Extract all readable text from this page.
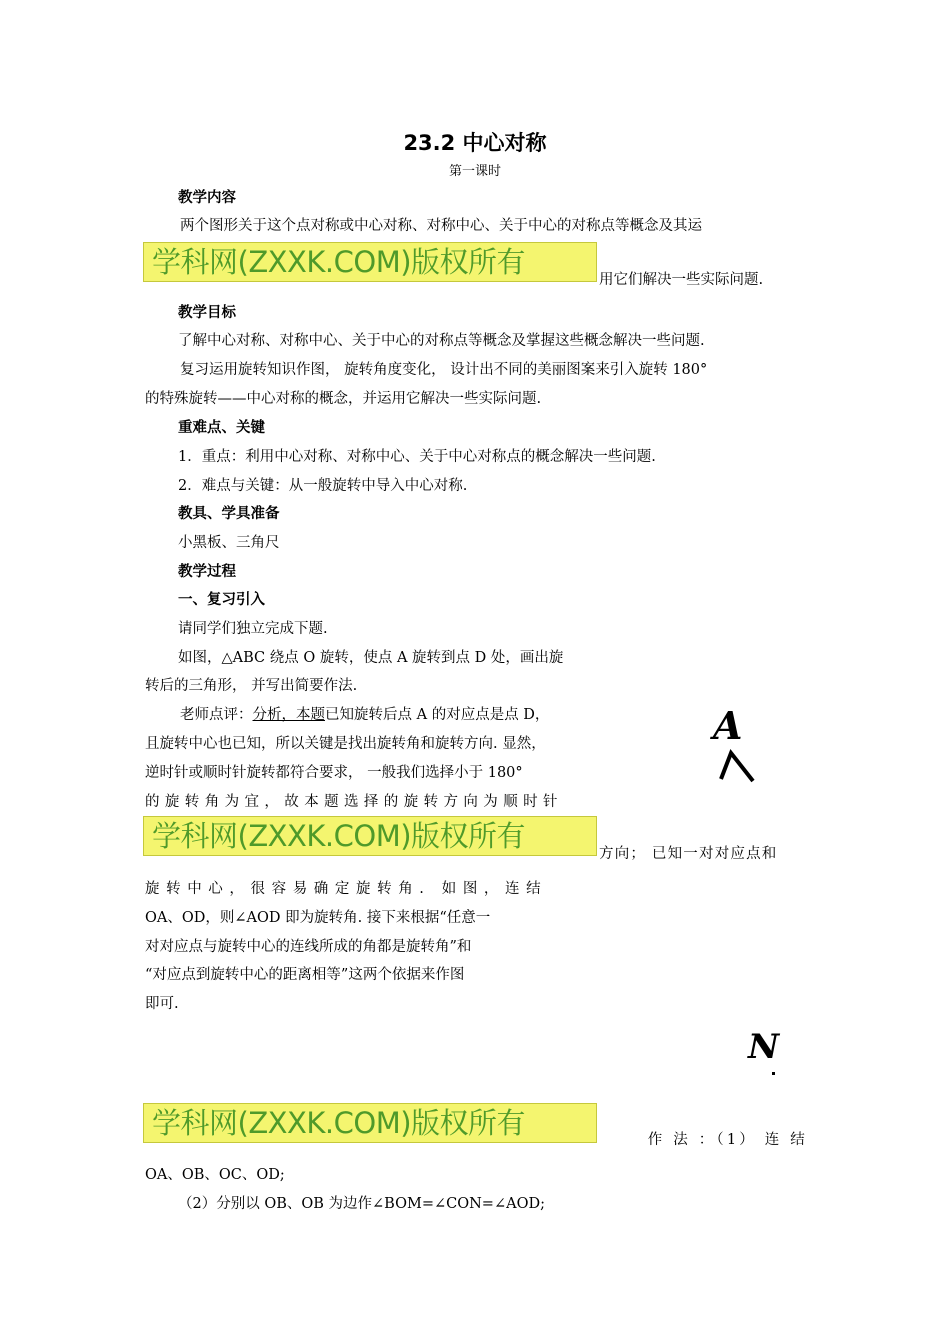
23.2 中心对称
第一课时
教学内容
两个图形关于这个点对称或中心对称、对称中心、关于中心的对称点等概念及其运
学科网(ZXXK.COM)版权所有
用它们解决一些实际问题.
教学目标
了解中心对称、对称中心、关于中心的对称点等概念及掌握这些概念解决一些问题.
复习运用旋转知识作图， 旋转角度变化， 设计出不同的美丽图案来引入旋转 180°
的特殊旋转——中心对称的概念，并运用它解决一些实际问题.
重难点、关键
1．重点：利用中心对称、对称中心、关于中心对称点的概念解决一些问题.
2．难点与关键：从一般旋转中导入中心对称.
教具、学具准备
小黑板、三角尺
教学过程
一、复习引入
请同学们独立完成下题.
如图，△ABC 绕点 O 旋转，使点 A 旋转到点 D 处，画出旋
转后的三角形， 并写出简要作法.
老师点评：分析，本题已知旋转后点 A 的对应点是点 D，
且旋转中心也已知，所以关键是找出旋转角和旋转方向. 显然，
逆时针或顺时针旋转都符合要求， 一般我们选择小于 180°
的旋转角为宜，故本题选择的旋转方向为顺时针
学科网(ZXXK.COM)版权所有
方向； 已知一对对应点和
旋转中心，很容易确定旋转角. 如图，连结
OA、OD，则∠AOD 即为旋转角. 接下来根据“任意一
对对应点与旋转中心的连线所成的角都是旋转角”和
“对应点到旋转中心的距离相等”这两个依据来作图
即可.
A
N
学科网(ZXXK.COM)版权所有	作 法 ：（1） 连 结
OA、OB、OC、OD;
（2）分别以 OB、OB 为边作∠BOM=∠CON=∠AOD;
